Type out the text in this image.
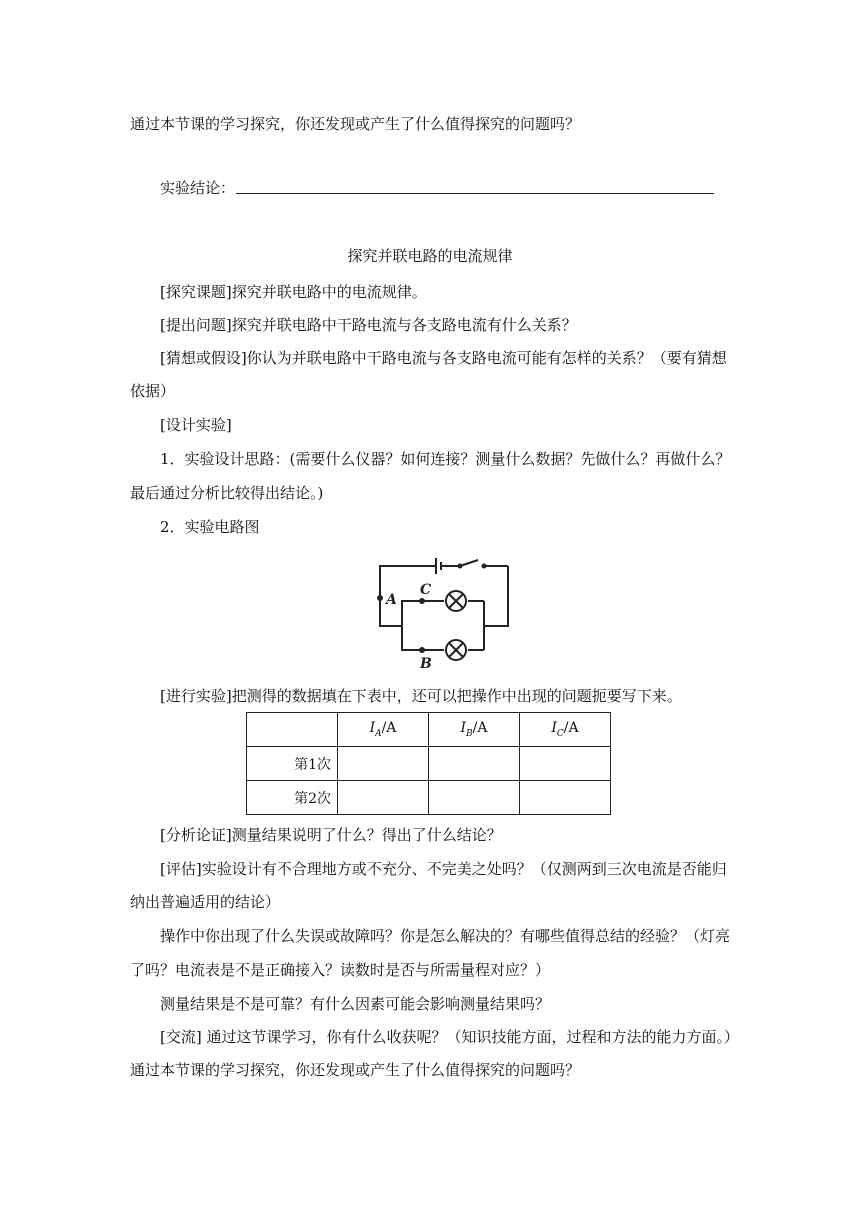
通过本节课的学习探究，你还发现或产生了什么值得探究的问题吗？
实验结论：
探究并联电路的电流规律
[探究课题]探究并联电路中的电流规律。
[提出问题]探究并联电路中干路电流与各支路电流有什么关系？
[猜想或假设]你认为并联电路中干路电流与各支路电流可能有怎样的关系？（要有猜想
依据）
[设计实验]
1．实验设计思路：(需要什么仪器？如何连接？测量什么数据？先做什么？再做什么？
最后通过分析比较得出结论。)
2．实验电路图
A
C
B
[进行实验]把测得的数据填在下表中，还可以把操作中出现的问题扼要写下来。
	$I_A/A$	$I_B/A$	$I_C/A$
第1次			
第2次			
[分析论证]测量结果说明了什么？得出了什么结论？
[评估]实验设计有不合理地方或不充分、不完美之处吗？（仅测两到三次电流是否能归
纳出普遍适用的结论）
操作中你出现了什么失误或故障吗？你是怎么解决的？有哪些值得总结的经验？（灯亮
了吗？电流表是不是正确接入？读数时是否与所需量程对应？）
测量结果是不是可靠？有什么因素可能会影响测量结果吗？
[交流] 通过这节课学习，你有什么收获呢？（知识技能方面，过程和方法的能力方面。）
通过本节课的学习探究，你还发现或产生了什么值得探究的问题吗？
